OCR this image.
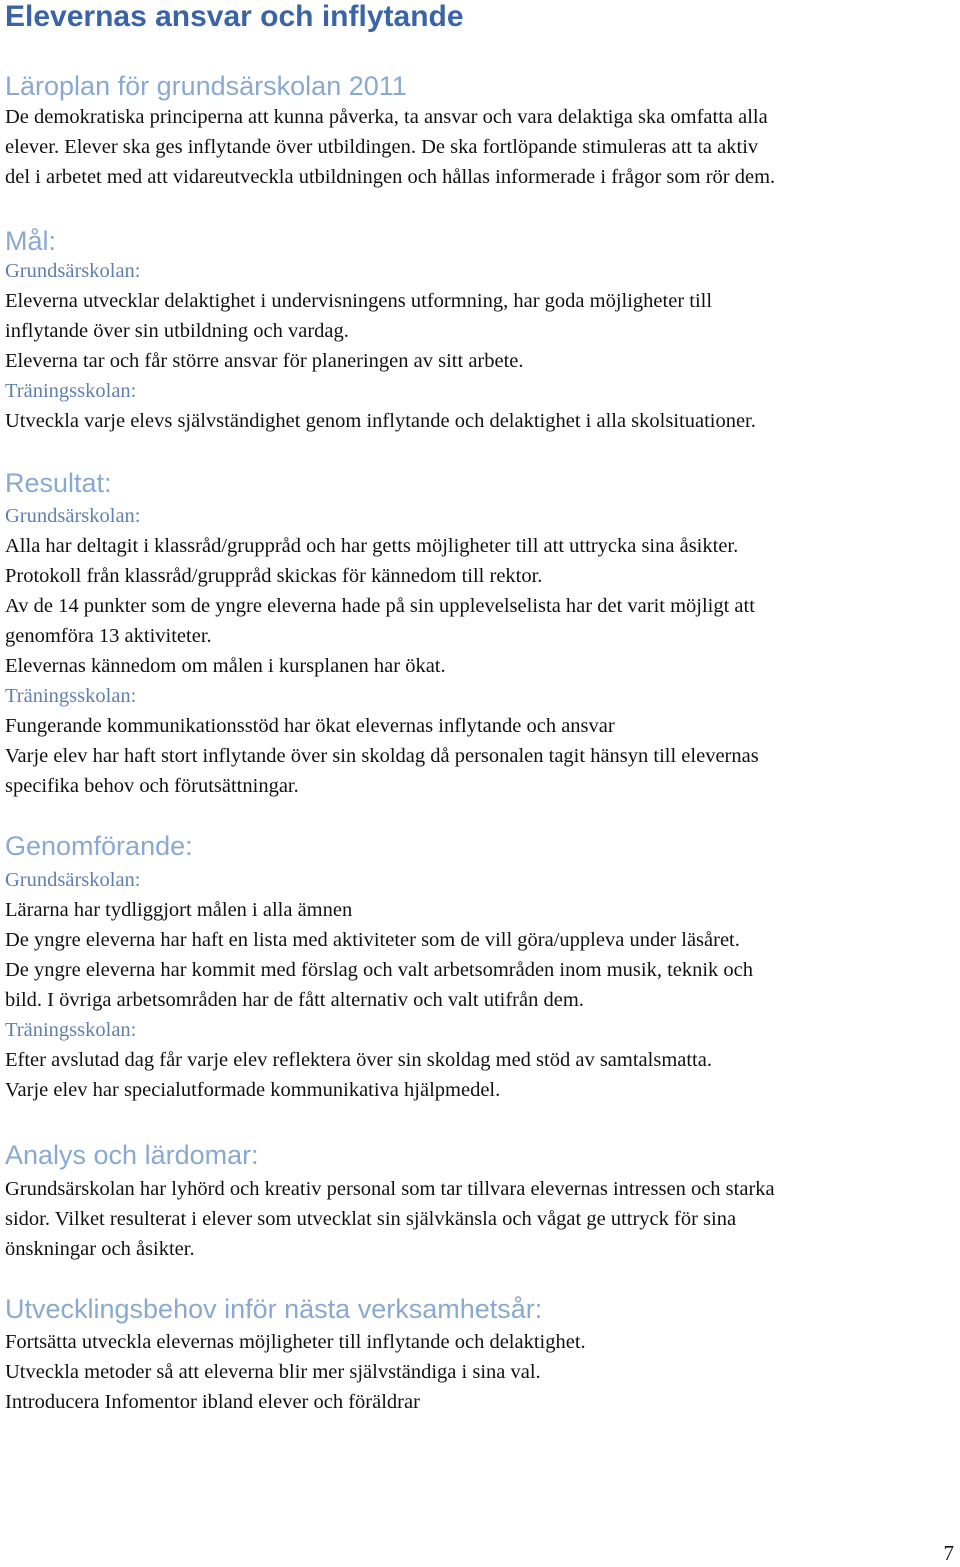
Elevernas ansvar och inflytande
Läroplan för grundsärskolan 2011
De demokratiska principerna att kunna påverka, ta ansvar och vara delaktiga ska omfatta alla
elever. Elever ska ges inflytande över utbildingen. De ska fortlöpande stimuleras att ta aktiv
del i arbetet med att vidareutveckla utbildningen och hållas informerade i frågor som rör dem.
Mål:
Grundsärskolan:
Eleverna utvecklar delaktighet i undervisningens utformning, har goda möjligheter till
inflytande över sin utbildning och vardag.
Eleverna tar och får större ansvar för planeringen av sitt arbete.
Träningsskolan:
Utveckla varje elevs självständighet genom inflytande och delaktighet i alla skolsituationer.
Resultat:
Grundsärskolan:
Alla har deltagit i klassråd/gruppråd och har getts möjligheter till att uttrycka sina åsikter.
Protokoll från klassråd/gruppråd skickas för kännedom till rektor.
Av de 14 punkter som de yngre eleverna hade på sin upplevelselista har det varit möjligt att
genomföra 13 aktiviteter.
Elevernas kännedom om målen i kursplanen har ökat.
Träningsskolan:
Fungerande kommunikationsstöd har ökat elevernas inflytande och ansvar
Varje elev har haft stort inflytande över sin skoldag då personalen tagit hänsyn till elevernas
specifika behov och förutsättningar.
Genomförande:
Grundsärskolan:
Lärarna har tydliggjort målen i alla ämnen
De yngre eleverna har haft en lista med aktiviteter som de vill göra/uppleva under läsåret.
De yngre eleverna har kommit med förslag och valt arbetsområden inom musik, teknik och
bild. I övriga arbetsområden har de fått alternativ och valt utifrån dem.
Träningsskolan:
Efter avslutad dag får varje elev reflektera över sin skoldag med stöd av samtalsmatta.
Varje elev har specialutformade kommunikativa hjälpmedel.
Analys och lärdomar:
Grundsärskolan har lyhörd och kreativ personal som tar tillvara elevernas intressen och starka
sidor. Vilket resulterat i elever som utvecklat sin självkänsla och vågat ge uttryck för sina
önskningar och åsikter.
Utvecklingsbehov inför nästa verksamhetsår:
Fortsätta utveckla elevernas möjligheter till inflytande och delaktighet.
Utveckla metoder så att eleverna blir mer självständiga i sina val.
Introducera Infomentor ibland elever och föräldrar
7
